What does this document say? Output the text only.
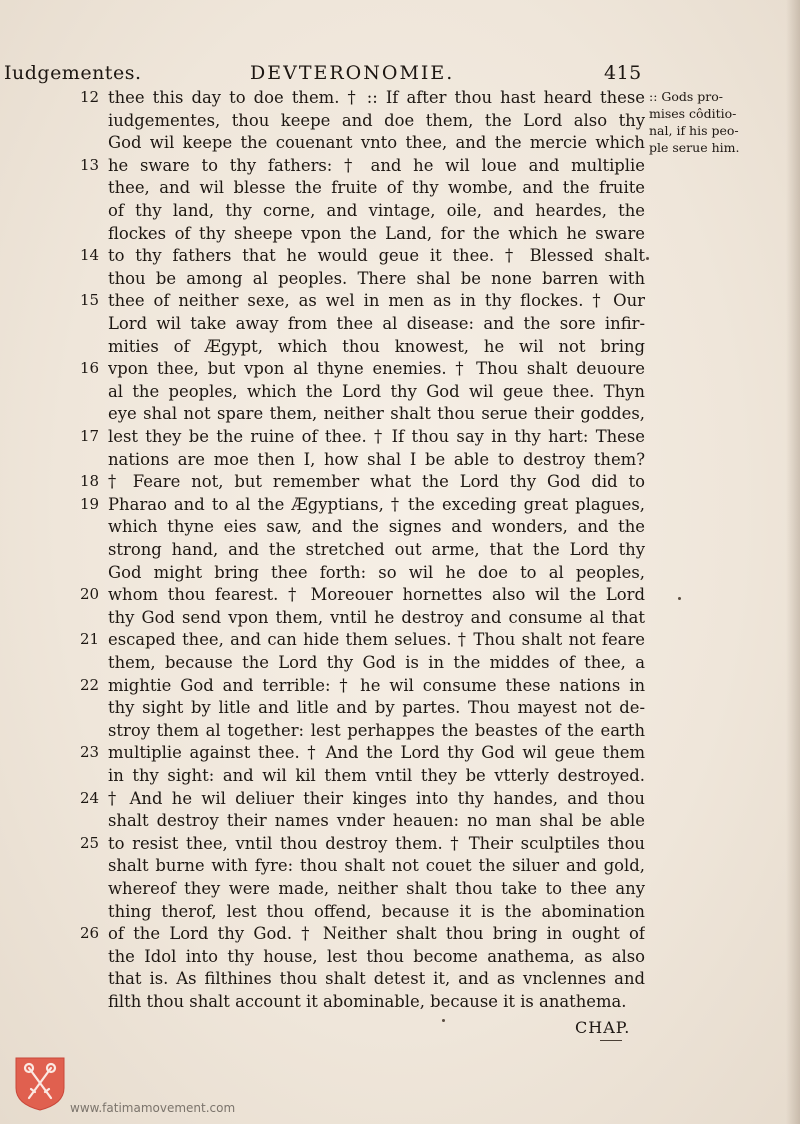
Iudgementes.	DEVTERONOMIE.	415
:: Gods pro-
mises côditio-
nal, if his peo-
ple serue him.
12 thee this day to doe them. † :: If after thou hast heard these
iudgementes, thou keepe and doe them, the Lord also thy
God wil keepe the couenant vnto thee, and the mercie which
13 he sware to thy fathers: † and he wil loue and multiplie
thee, and wil blesse the fruite of thy wombe, and the fruite
of thy land, thy corne, and vintage, oile, and heardes, the
flockes of thy sheepe vpon the Land, for the which he sware
14 to thy fathers that he would geue it thee. † Blessed shalt
thou be among al peoples. There shal be none barren with
15 thee of neither sexe, as wel in men as in thy flockes. † Our
Lord wil take away from thee al disease: and the sore infir-
mities of Ægypt, which thou knowest, he wil not bring
16 vpon thee, but vpon al thyne enemies. † Thou shalt deuoure
al the peoples, which the Lord thy God wil geue thee. Thyn
eye shal not spare them, neither shalt thou serue their goddes,
17 lest they be the ruine of thee. † If thou say in thy hart: These
nations are moe then I, how shal I be able to destroy them?
18 † Feare not, but remember what the Lord thy God did to
19 Pharao and to al the Ægyptians, † the exceding great plagues,
which thyne eies saw, and the signes and wonders, and the
strong hand, and the stretched out arme, that the Lord thy
God might bring thee forth: so wil he doe to al peoples,
20 whom thou fearest. † Moreouer hornettes also wil the Lord
thy God send vpon them, vntil he destroy and consume al that
21 escaped thee, and can hide them selues. † Thou shalt not feare
them, because the Lord thy God is in the middes of thee, a
22 mightie God and terrible: † he wil consume these nations in
thy sight by litle and litle and by partes. Thou mayest not de-
stroy them al together: lest perhappes the beastes of the earth
23 multiplie against thee. † And the Lord thy God wil geue them
in thy sight: and wil kil them vntil they be vtterly destroyed.
24 † And he wil deliuer their kinges into thy handes, and thou
shalt destroy their names vnder heauen: no man shal be able
25 to resist thee, vntil thou destroy them. † Their sculptiles thou
shalt burne with fyre: thou shalt not couet the siluer and gold,
whereof they were made, neither shalt thou take to thee any
thing therof, lest thou offend, because it is the abomination
26 of the Lord thy God. † Neither shalt thou bring in ought of
the Idol into thy house, lest thou become anathema, as also
that is. As filthines thou shalt detest it, and as vnclennes and
filth thou shalt account it abominable, because it is anathema.
CHAP.
www.fatimamovement.com
